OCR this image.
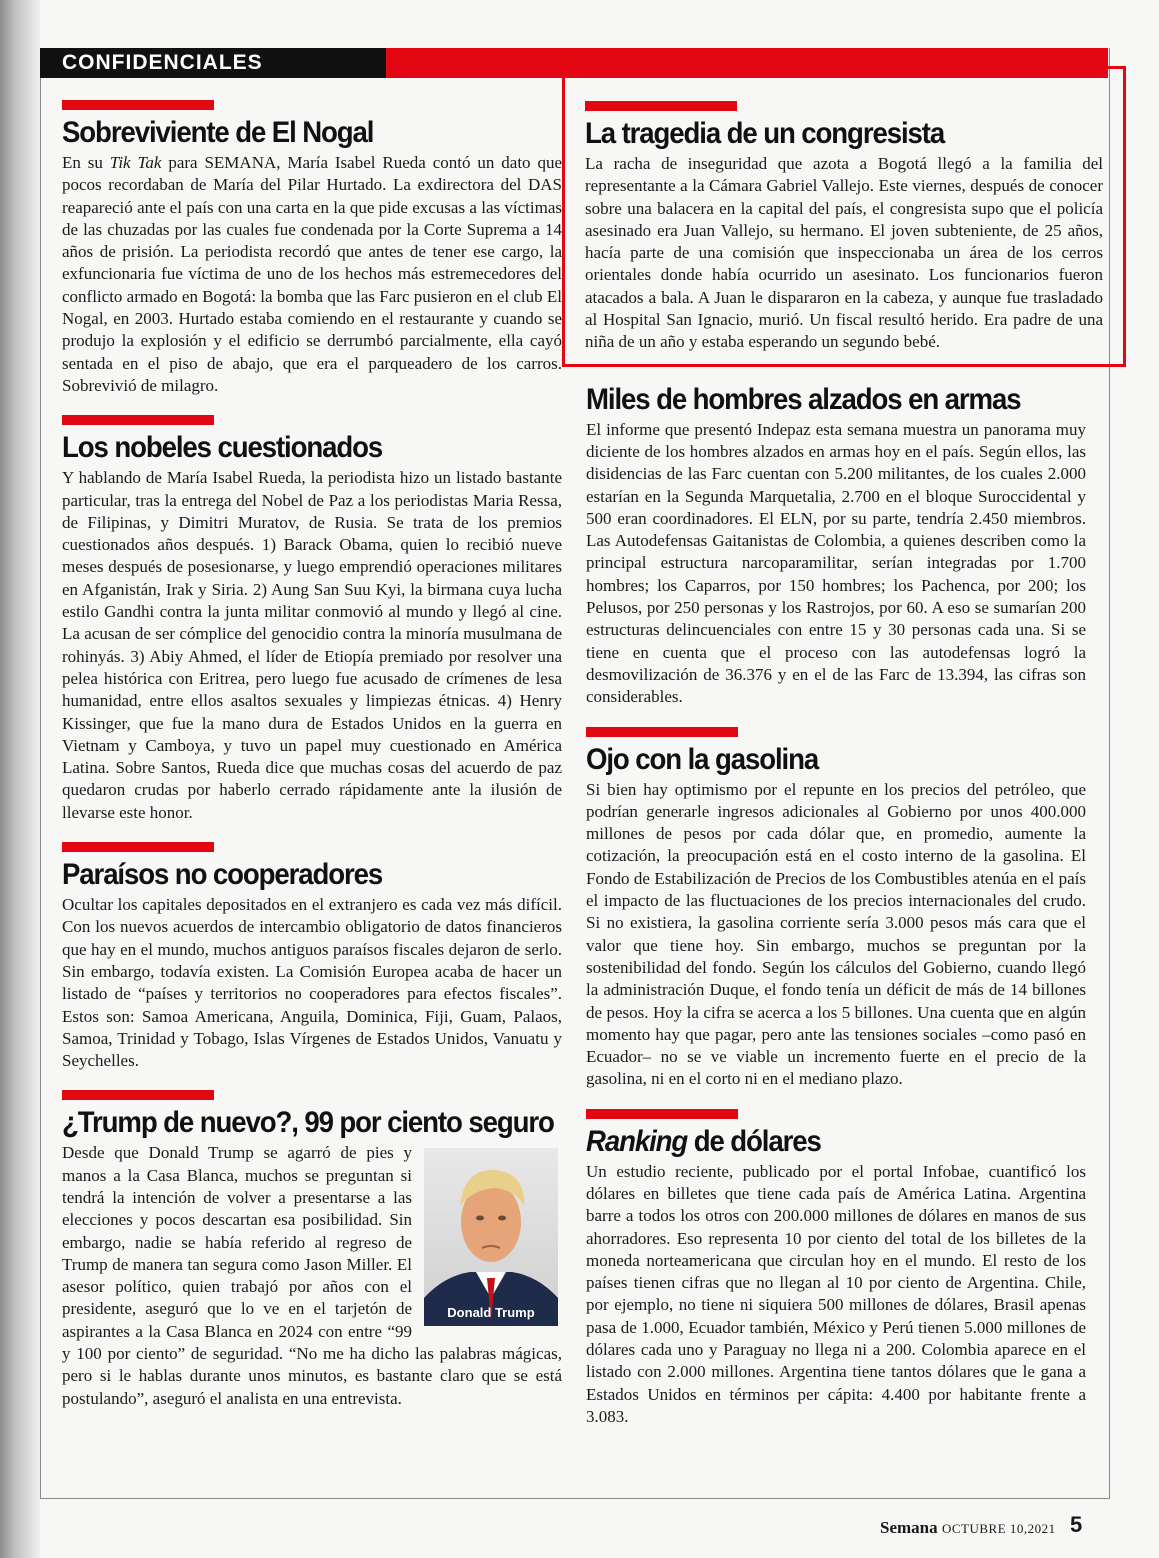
CONFIDENCIALES
Sobreviviente de El Nogal

En su Tik Tak para SEMANA, María Isabel Rueda contó un dato que pocos recordaban de María del Pilar Hurtado. La exdirectora del DAS reapareció ante el país con una carta en la que pide excusas a las víctimas de las chuzadas por las cuales fue condenada por la Corte Suprema a 14 años de prisión. La periodista recordó que antes de tener ese cargo, la exfuncionaria fue víctima de uno de los hechos más estremecedores del conflicto armado en Bogotá: la bomba que las Farc pusieron en el club El Nogal, en 2003. Hurtado estaba comiendo en el restaurante y cuando se produjo la explosión y el edificio se derrumbó parcialmente, ella cayó sentada en el piso de abajo, que era el parqueadero de los carros. Sobrevivió de milagro.

Los nobeles cuestionados

Y hablando de María Isabel Rueda, la periodista hizo un listado bastante particular, tras la entrega del Nobel de Paz a los periodistas Maria Ressa, de Filipinas, y Dimitri Muratov, de Rusia. Se trata de los premios cuestionados años después. 1) Barack Obama, quien lo recibió nueve meses después de posesionarse, y luego emprendió operaciones militares en Afganistán, Irak y Siria. 2) Aung San Suu Kyi, la birmana cuya lucha estilo Gandhi contra la junta militar conmovió al mundo y llegó al cine. La acusan de ser cómplice del genocidio contra la minoría musulmana de rohinyás. 3) Abiy Ahmed, el líder de Etiopía premiado por resolver una pelea histórica con Eritrea, pero luego fue acusado de crímenes de lesa humanidad, entre ellos asaltos sexuales y limpiezas étnicas. 4) Henry Kissinger, que fue la mano dura de Estados Unidos en la guerra en Vietnam y Camboya, y tuvo un papel muy cuestionado en América Latina. Sobre Santos, Rueda dice que muchas cosas del acuerdo de paz quedaron crudas por haberlo cerrado rápidamente ante la ilusión de llevarse este honor.

Paraísos no cooperadores

Ocultar los capitales depositados en el extranjero es cada vez más difícil. Con los nuevos acuerdos de intercambio obligatorio de datos financieros que hay en el mundo, muchos antiguos paraísos fiscales dejaron de serlo. Sin embargo, todavía existen. La Comisión Europea acaba de hacer un listado de “países y territorios no cooperadores para efectos fiscales”. Estos son: Samoa Americana, Anguila, Dominica, Fiji, Guam, Palaos, Samoa, Trinidad y Tobago, Islas Vírgenes de Estados Unidos, Vanuatu y Seychelles.

¿Trump de nuevo?, 99 por ciento seguro
Donald Trump

Desde que Donald Trump se agarró de pies y manos a la Casa Blanca, muchos se preguntan si tendrá la intención de volver a presentarse a las elecciones y pocos descartan esa posibilidad. Sin embargo, nadie se había referido al regreso de Trump de manera tan segura como Jason Miller. El asesor político, quien trabajó por años con el presidente, aseguró que lo ve en el tarjetón de aspirantes a la Casa Blanca en 2024 con entre “99 y 100 por ciento” de seguridad. “No me ha dicho las palabras mágicas, pero si le hablas durante unos minutos, es bastante claro que se está postulando”, aseguró el analista en una entrevista.

La tragedia de un congresista

La racha de inseguridad que azota a Bogotá llegó a la familia del representante a la Cámara Gabriel Vallejo. Este viernes, después de conocer sobre una balacera en la capital del país, el congresista supo que el policía asesinado era Juan Vallejo, su hermano. El joven subteniente, de 25 años, hacía parte de una comisión que inspeccionaba un área de los cerros orientales donde había ocurrido un asesinato. Los funcionarios fueron atacados a bala. A Juan le dispararon en la cabeza, y aunque fue trasladado al Hospital San Ignacio, murió. Un fiscal resultó herido. Era padre de una niña de un año y estaba esperando un segundo bebé.

Miles de hombres alzados en armas

El informe que presentó Indepaz esta semana muestra un panorama muy diciente de los hombres alzados en armas hoy en el país. Según ellos, las disidencias de las Farc cuentan con 5.200 militantes, de los cuales 2.000 estarían en la Segunda Marquetalia, 2.700 en el bloque Suroccidental y 500 eran coordinadores. El ELN, por su parte, tendría 2.450 miembros. Las Autodefensas Gaitanistas de Colombia, a quienes describen como la principal estructura narcoparamilitar, serían integradas por 1.700 hombres; los Caparros, por 150 hombres; los Pachenca, por 200; los Pelusos, por 250 personas y los Rastrojos, por 60. A eso se sumarían 200 estructuras delincuenciales con entre 15 y 30 personas cada una. Si se tiene en cuenta que el proceso con las autodefensas logró la desmovilización de 36.376 y en el de las Farc de 13.394, las cifras son considerables.

Ojo con la gasolina

Si bien hay optimismo por el repunte en los precios del petróleo, que podrían generarle ingresos adicionales al Gobierno por unos 400.000 millones de pesos por cada dólar que, en promedio, aumente la cotización, la preocupación está en el costo interno de la gasolina. El Fondo de Estabilización de Precios de los Combustibles atenúa en el país el impacto de las fluctuaciones de los precios internacionales del crudo. Si no existiera, la gasolina corriente sería 3.000 pesos más cara que el valor que tiene hoy. Sin embargo, muchos se preguntan por la sostenibilidad del fondo. Según los cálculos del Gobierno, cuando llegó la administración Duque, el fondo tenía un déficit de más de 14 billones de pesos. Hoy la cifra se acerca a los 5 billones. Una cuenta que en algún momento hay que pagar, pero ante las tensiones sociales –como pasó en Ecuador– no se ve viable un incremento fuerte en el precio de la gasolina, ni en el corto ni en el mediano plazo.

Ranking de dólares

Un estudio reciente, publicado por el portal Infobae, cuantificó los dólares en billetes que tiene cada país de América Latina. Argentina barre a todos los otros con 200.000 millones de dólares en manos de sus ahorradores. Eso representa 10 por ciento del total de los billetes de la moneda norteamericana que circulan hoy en el mundo. El resto de los países tienen cifras que no llegan al 10 por ciento de Argentina. Chile, por ejemplo, no tiene ni siquiera 500 millones de dólares, Brasil apenas pasa de 1.000, Ecuador también, México y Perú tienen 5.000 millones de dólares cada uno y Paraguay no llega ni a 200. Colombia aparece en el listado con 2.000 millones. Argentina tiene tantos dólares que le gana a Estados Unidos en términos per cápita: 4.400 por habitante frente a 3.083.

Semana OCTUBRE 10,2021 5
